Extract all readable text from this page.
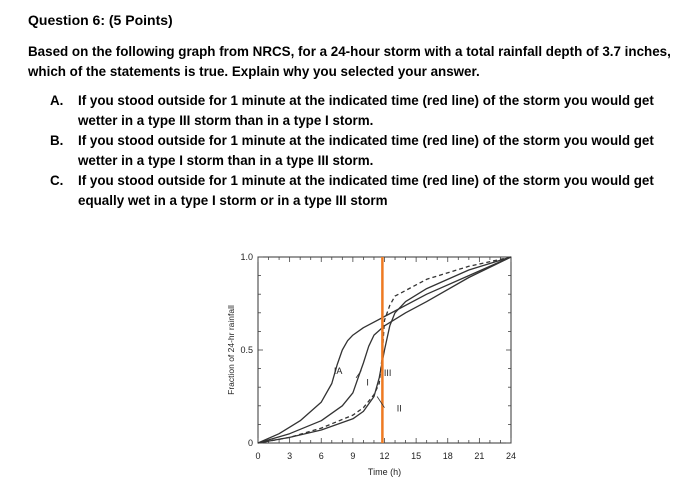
Question 6: (5 Points)
Based on the following graph from NRCS, for a 24-hour storm with a total rainfall depth of 3.7 inches, which of the statements is true. Explain why you selected your answer.
A. If you stood outside for 1 minute at the indicated time (red line) of the storm you would get wetter in a type III storm than in a type I storm.
B. If you stood outside for 1 minute at the indicated time (red line) of the storm you would get wetter in a type I storm than in a type III storm.
C. If you stood outside for 1 minute at the indicated time (red line) of the storm you would get equally wet in a type I storm or in a type III storm
0	3	6	9	12 15 18 21 24
0
0.5
1.0
Time (h)
Fraction of 24-hr rainfall	IA
I
II
III
